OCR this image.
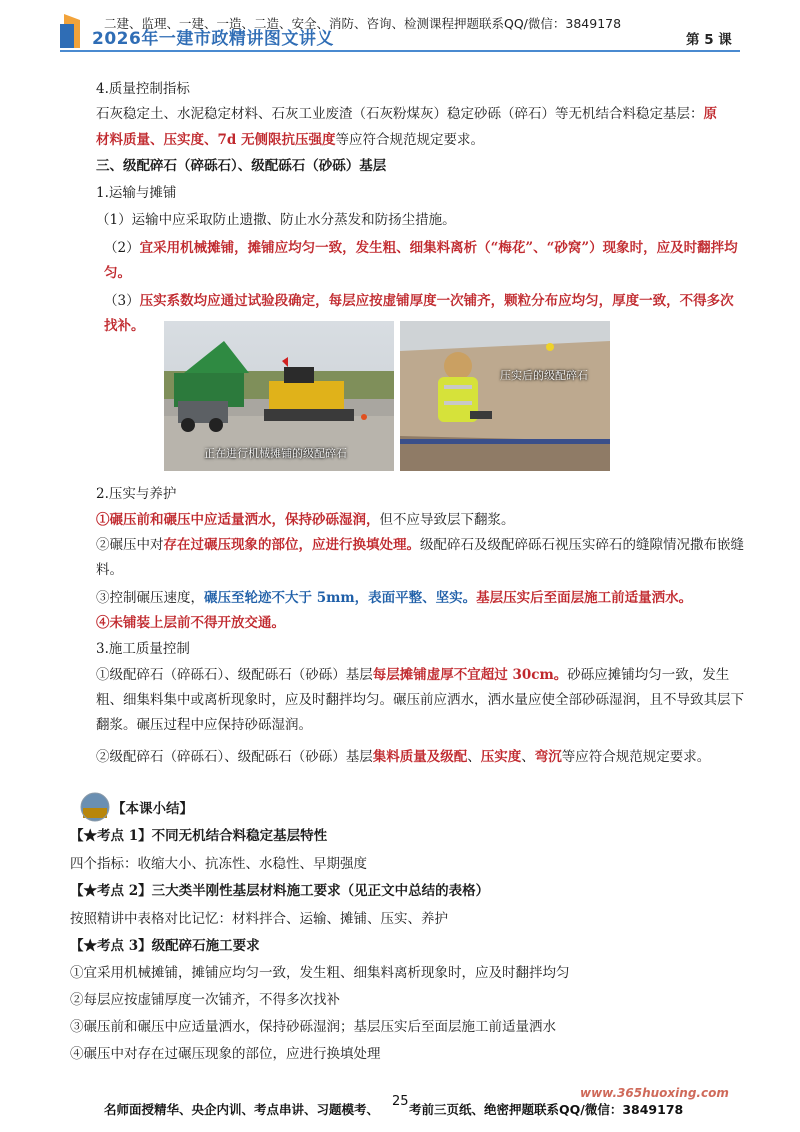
二建、监理、一建、一造、二造、安全、消防、咨询、检测课程押题联系QQ/微信：3849178
2026年一建市政精讲图文讲义	第 5 课
4.质量控制指标
石灰稳定土、水泥稳定材料、石灰工业废渣（石灰粉煤灰）稳定砂砾（碎石）等无机结合料稳定基层：原
材料质量、压实度、7d 无侧限抗压强度等应符合规范规定要求。
三、级配碎石（碎砾石）、级配砾石（砂砾）基层
1.运输与摊铺
（1）运输中应采取防止遗撒、防止水分蒸发和防扬尘措施。
（2）宜采用机械摊铺，摊铺应均匀一致，发生粗、细集料离析（“梅花”、“砂窝”）现象时，应及时翻拌均匀。
（3）压实系数均应通过试验段确定，每层应按虚铺厚度一次铺齐，颗粒分布应均匀，厚度一致，不得多次找补。
正在进行机械摊铺的级配碎石
压实后的级配碎石
2.压实与养护
①碾压前和碾压中应适量洒水，保持砂砾湿润，但不应导致层下翻浆。
②碾压中对存在过碾压现象的部位，应进行换填处理。级配碎石及级配碎砾石视压实碎石的缝隙情况撒布嵌缝料。
③控制碾压速度，碾压至轮迹不大于 5mm，表面平整、坚实。基层压实后至面层施工前适量洒水。
④未铺装上层前不得开放交通。
3.施工质量控制
①级配碎石（碎砾石）、级配砾石（砂砾）基层每层摊铺虚厚不宜超过 30cm。砂砾应摊铺均匀一致，发生粗、细集料集中或离析现象时，应及时翻拌均匀。碾压前应洒水，洒水量应使全部砂砾湿润，且不导致其层下翻浆。碾压过程中应保持砂砾湿润。
②级配碎石（碎砾石）、级配砾石（砂砾）基层集料质量及级配、压实度、弯沉等应符合规范规定要求。
【本课小结】
【★考点 1】不同无机结合料稳定基层特性
四个指标：收缩大小、抗冻性、水稳性、早期强度
【★考点 2】三大类半刚性基层材料施工要求（见正文中总结的表格）
按照精讲中表格对比记忆：材料拌合、运输、摊铺、压实、养护
【★考点 3】级配碎石施工要求
①宜采用机械摊铺，摊铺应均匀一致，发生粗、细集料离析现象时，应及时翻拌均匀
②每层应按虚铺厚度一次铺齐，不得多次找补
③碾压前和碾压中应适量洒水，保持砂砾湿润；基层压实后至面层施工前适量洒水
④碾压中对存在过碾压现象的部位，应进行换填处理
www.365huoxing.com
名师面授精华、央企内训、考点串讲、习题模考、 考前三页纸、绝密押题联系QQ/微信：3849178
25
